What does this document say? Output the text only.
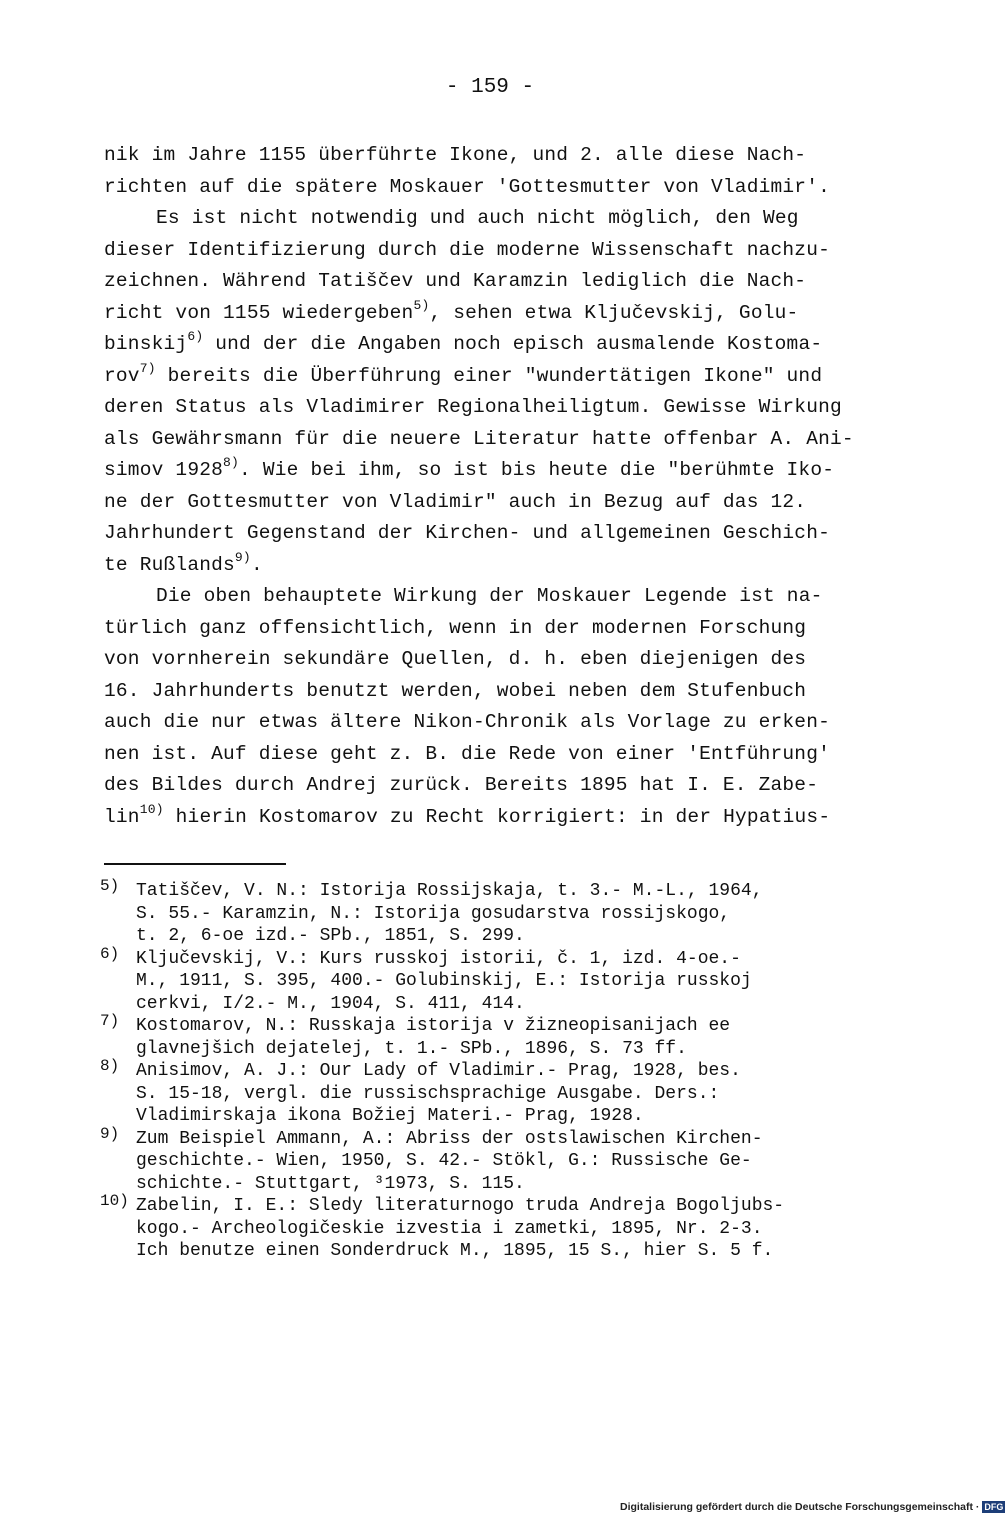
- 159 -
nik im Jahre 1155 überführte Ikone, und 2. alle diese Nach-
richten auf die spätere Moskauer 'Gottesmutter von Vladimir'.
Es ist nicht notwendig und auch nicht möglich, den Weg
dieser Identifizierung durch die moderne Wissenschaft nachzu-
zeichnen. Während Tatiščev und Karamzin lediglich die Nach-
richt von 1155 wiedergeben$^{5)}$, sehen etwa Ključevskij, Golu-
binskij$^{6)}$ und der die Angaben noch episch ausmalende Kostoma-
rov$^{7)}$ bereits die Überführung einer "wundertätigen Ikone" und
deren Status als Vladimirer Regionalheiligtum. Gewisse Wirkung
als Gewährsmann für die neuere Literatur hatte offenbar A. Ani-
simov 1928$^{8)}$. Wie bei ihm, so ist bis heute die "berühmte Iko-
ne der Gottesmutter von Vladimir" auch in Bezug auf das 12.
Jahrhundert Gegenstand der Kirchen- und allgemeinen Geschich-
te Rußlands$^{9)}$.
Die oben behauptete Wirkung der Moskauer Legende ist na-
türlich ganz offensichtlich, wenn in der modernen Forschung
von vornherein sekundäre Quellen, d. h. eben diejenigen des
16. Jahrhunderts benutzt werden, wobei neben dem Stufenbuch
auch die nur etwas ältere Nikon-Chronik als Vorlage zu erken-
nen ist. Auf diese geht z. B. die Rede von einer 'Entführung'
des Bildes durch Andrej zurück. Bereits 1895 hat I. E. Zabe-
lin$^{10)}$ hierin Kostomarov zu Recht korrigiert: in der Hypatius-
5) Tatiščev, V. N.: Istorija Rossijskaja, t. 3.- M.-L., 1964,
S. 55.- Karamzin, N.: Istorija gosudarstva rossijskogo,
t. 2, 6-oe izd.- SPb., 1851, S. 299.
6) Ključevskij, V.: Kurs russkoj istorii, č. 1, izd. 4-oe.-
M., 1911, S. 395, 400.- Golubinskij, E.: Istorija russkoj
cerkvi, I/2.- M., 1904, S. 411, 414.
7) Kostomarov, N.: Russkaja istorija v žizneopisanijach ee
glavnejšich dejatelej, t. 1.- SPb., 1896, S. 73 ff.
8) Anisimov, A. J.: Our Lady of Vladimir.- Prag, 1928, bes.
S. 15-18, vergl. die russischsprachige Ausgabe. Ders.:
Vladimirskaja ikona Božiej Materi.- Prag, 1928.
9) Zum Beispiel Ammann, A.: Abriss der ostslawischen Kirchen-
geschichte.- Wien, 1950, S. 42.- Stökl, G.: Russische Ge-
schichte.- Stuttgart, ³1973, S. 115.
10) Zabelin, I. E.: Sledy literaturnogo truda Andreja Bogoljubs-
kogo.- Archeologičeskie izvestia i zametki, 1895, Nr. 2-3.
Ich benutze einen Sonderdruck M., 1895, 15 S., hier S. 5 f.
Digitalisierung gefördert durch die Deutsche Forschungsgemeinschaft · DFG
